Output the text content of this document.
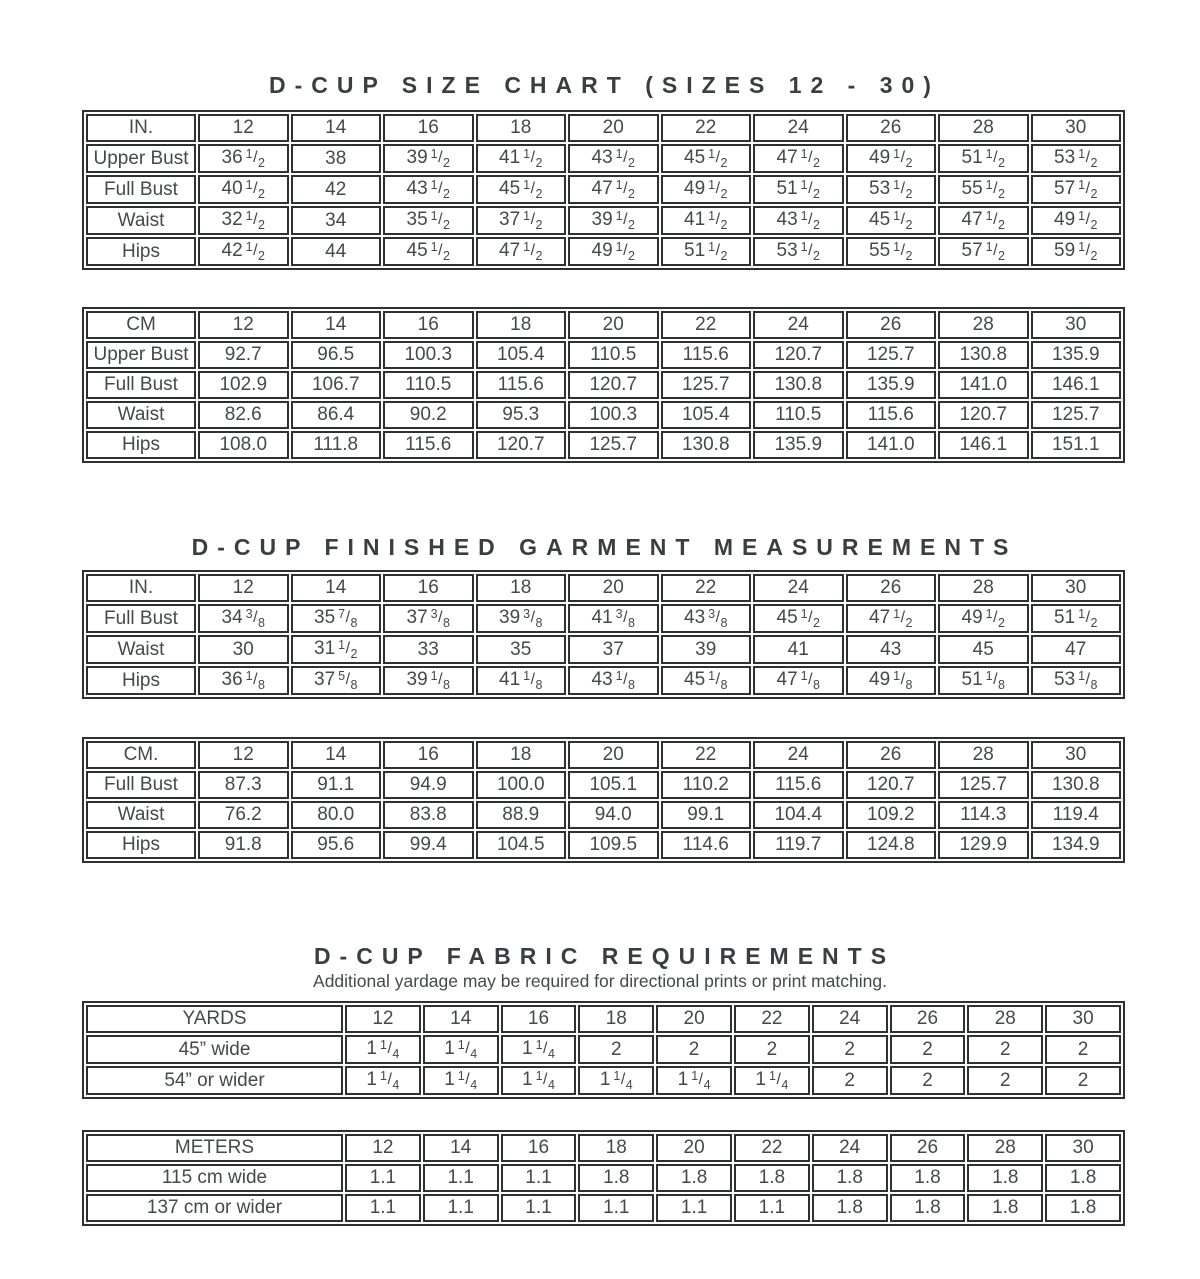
D-CUP SIZE CHART (SIZES 12 - 30)
IN.	12	14	16	18	20	22	24	26	28	30
Upper Bust	36 $^1$/2	38	39 $^1$/2	41 $^1$/2	43 $^1$/2	45 $^1$/2	47 $^1$/2	49 $^1$/2	51 $^1$/2	53 $^1$/2
Full Bust	40 $^1$/2	42	43 $^1$/2	45 $^1$/2	47 $^1$/2	49 $^1$/2	51 $^1$/2	53 $^1$/2	55 $^1$/2	57 $^1$/2
Waist	32 $^1$/2	34	35 $^1$/2	37 $^1$/2	39 $^1$/2	41 $^1$/2	43 $^1$/2	45 $^1$/2	47 $^1$/2	49 $^1$/2
Hips	42 $^1$/2	44	45 $^1$/2	47 $^1$/2	49 $^1$/2	51 $^1$/2	53 $^1$/2	55 $^1$/2	57 $^1$/2	59 $^1$/2
CM	12	14	16	18	20	22	24	26	28	30
Upper Bust	92.7	96.5	100.3	105.4	110.5	115.6	120.7	125.7	130.8	135.9
Full Bust	102.9	106.7	110.5	115.6	120.7	125.7	130.8	135.9	141.0	146.1
Waist	82.6	86.4	90.2	95.3	100.3	105.4	110.5	115.6	120.7	125.7
Hips	108.0	111.8	115.6	120.7	125.7	130.8	135.9	141.0	146.1	151.1
D-CUP FINISHED GARMENT MEASUREMENTS
IN.	12	14	16	18	20	22	24	26	28	30
Full Bust	34 $^3$/8	35 $^7$/8	37 $^3$/8	39 $^3$/8	41 $^3$/8	43 $^3$/8	45 $^1$/2	47 $^1$/2	49 $^1$/2	51 $^1$/2
Waist	30	31 $^1$/2	33	35	37	39	41	43	45	47
Hips	36 $^1$/8	37 $^5$/8	39 $^1$/8	41 $^1$/8	43 $^1$/8	45 $^1$/8	47 $^1$/8	49 $^1$/8	51 $^1$/8	53 $^1$/8
CM.	12	14	16	18	20	22	24	26	28	30
Full Bust	87.3	91.1	94.9	100.0	105.1	110.2	115.6	120.7	125.7	130.8
Waist	76.2	80.0	83.8	88.9	94.0	99.1	104.4	109.2	114.3	119.4
Hips	91.8	95.6	99.4	104.5	109.5	114.6	119.7	124.8	129.9	134.9
D-CUP FABRIC REQUIREMENTS

Additional yardage may be required for directional prints or print matching.

YARDS	12	14	16	18	20	22	24	26	28	30
45” wide	1 $^1$/4	1 $^1$/4	1 $^1$/4	2	2	2	2	2	2	2
54” or wider	1 $^1$/4	1 $^1$/4	1 $^1$/4	1 $^1$/4	1 $^1$/4	1 $^1$/4	2	2	2	2
METERS	12	14	16	18	20	22	24	26	28	30
115 cm wide	1.1	1.1	1.1	1.8	1.8	1.8	1.8	1.8	1.8	1.8
137 cm or wider	1.1	1.1	1.1	1.1	1.1	1.1	1.8	1.8	1.8	1.8
